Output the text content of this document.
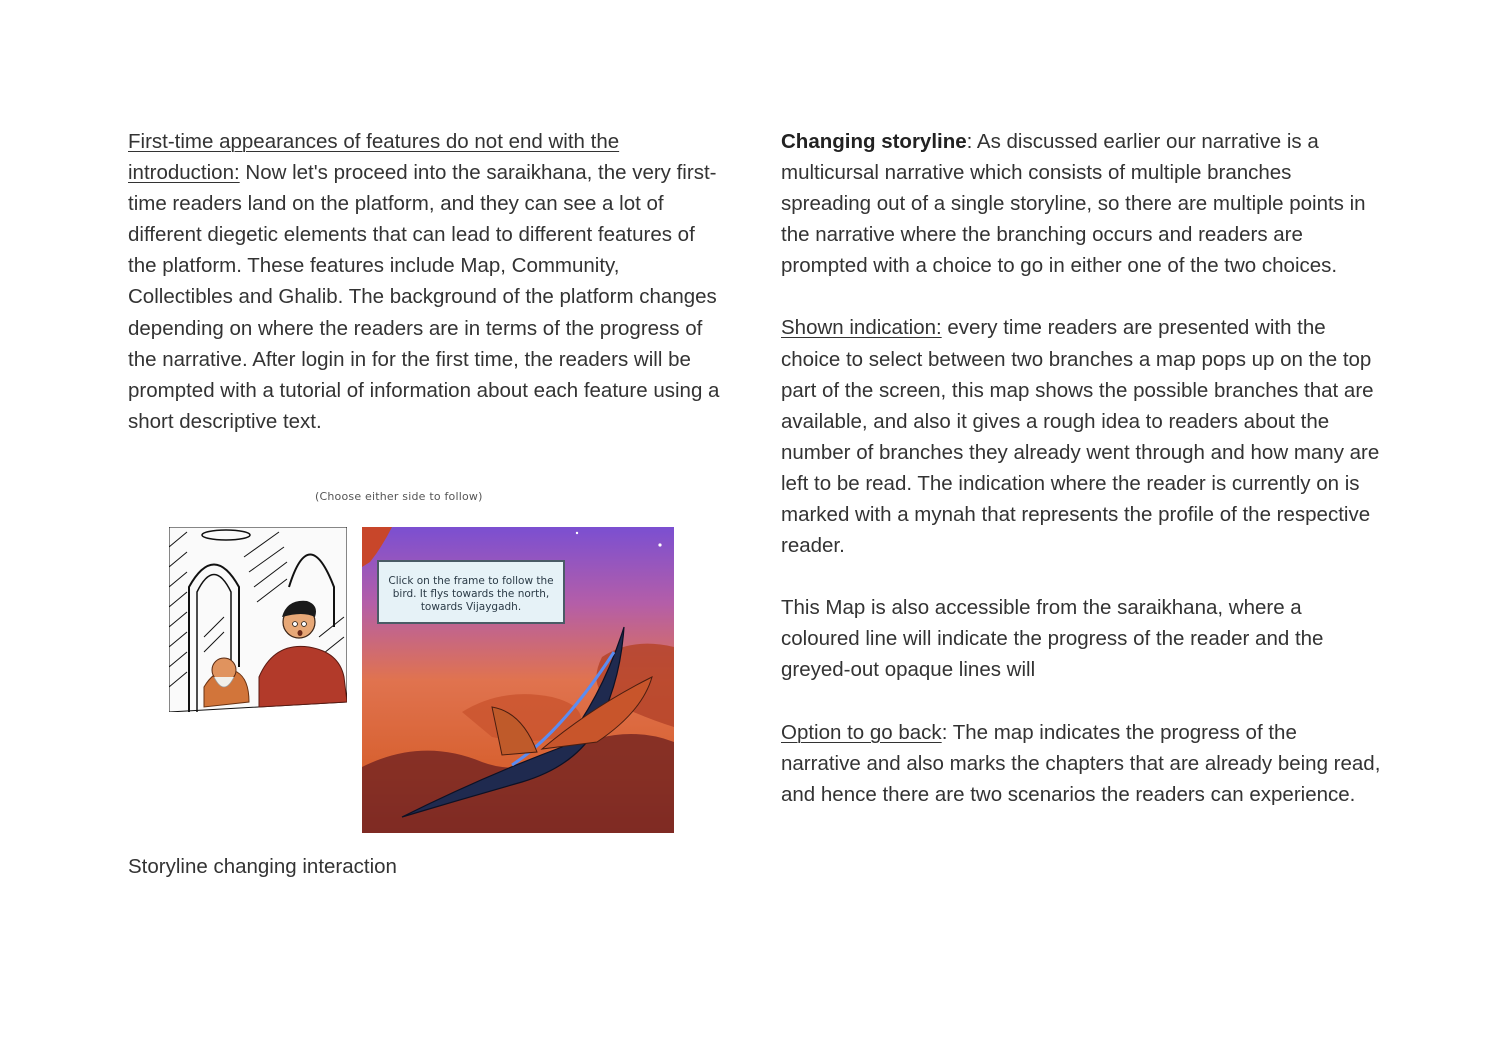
First-time appearances of features do not end with the introduction: Now let's proceed into the saraikhana, the very first-time readers land on the platform, and they can see a lot of different diegetic elements that can lead to different features of the platform. These features include Map, Community, Collectibles and Ghalib. The background of the platform changes depending on where the readers are in terms of the progress of the narrative. After login in for the first time, the readers will be prompted with a tutorial of information about each feature using a short descriptive text.

(Choose either side to follow)
Click on the frame to follow the bird. It flys towards the north, towards Vijaygadh.
Storyline changing interaction

Changing storyline: As discussed earlier our narrative is a multicursal narrative which consists of multiple branches spreading out of a single storyline, so there are multiple points in the narrative where the branching occurs and readers are prompted with a choice to go in either one of the two choices.

Shown indication: every time readers are presented with the choice to select between two branches a map pops up on the top part of the screen, this map shows the possible branches that are available, and also it gives a rough idea to readers about the number of branches they already went through and how many are left to be read. The indication where the reader is currently on is marked with a mynah that represents the profile of the respective reader.

This Map is also accessible from the saraikhana, where a coloured line will indicate the progress of the reader and the greyed-out opaque lines will

Option to go back: The map indicates the progress of the narrative and also marks the chapters that are already being read, and hence there are two scenarios the readers can experience.
